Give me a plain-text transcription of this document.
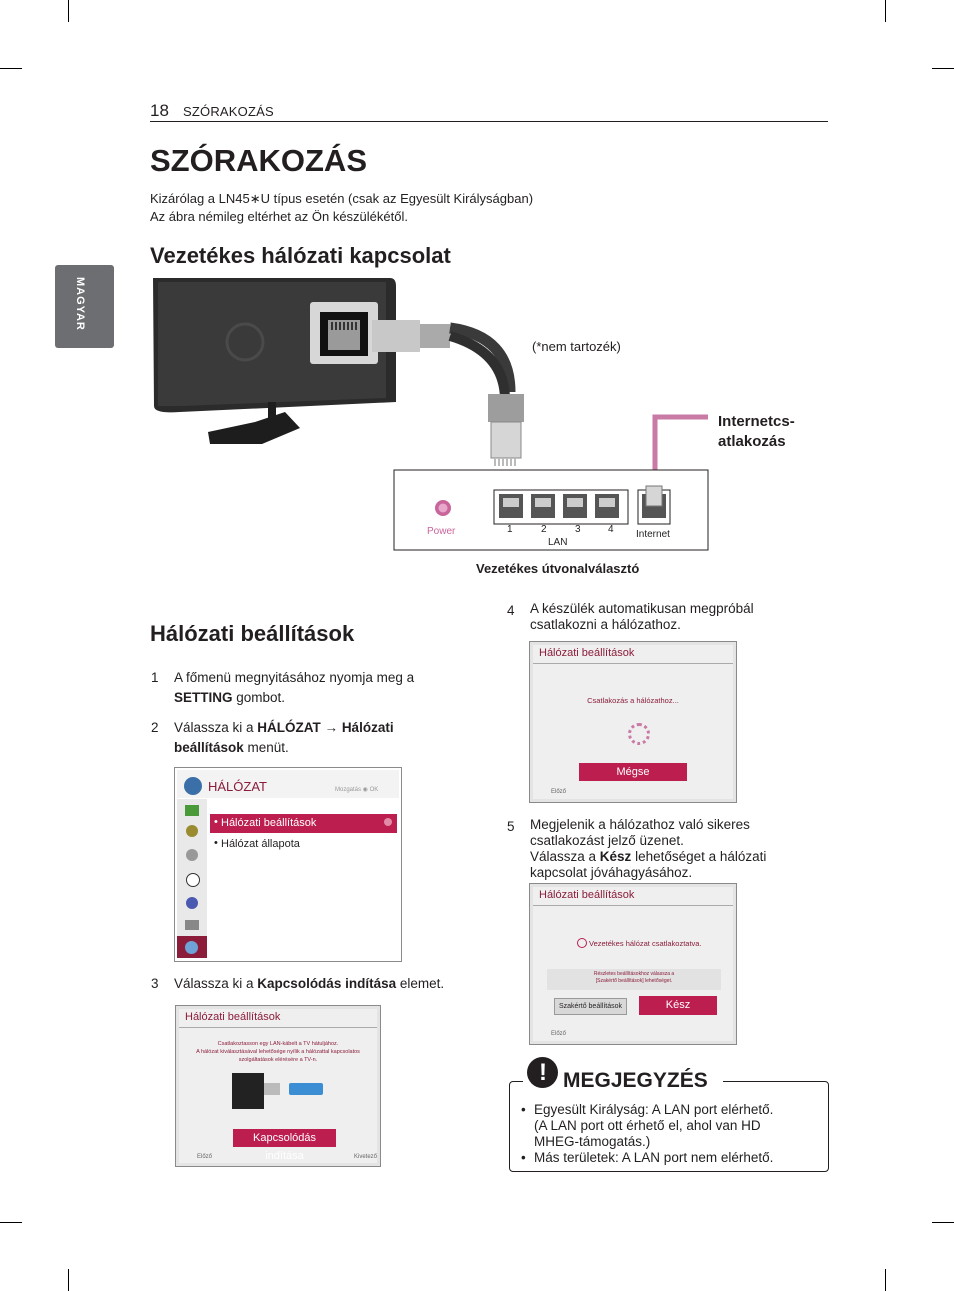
18 SZÓRAKOZÁS
MAGYAR
SZÓRAKOZÁS
Kizárólag a LN45∗U típus esetén (csak az Egyesült Királyságban)
Az ábra némileg eltérhet az Ön készülékétől.
Vezetékes hálózati kapcsolat
(*nem tartozék)
Internetcs-
atlakozás
Power	1	2	3	4
LAN
Internet
Vezetékes útvonalválasztó
Hálózati beállítások
1 A főmenü megnyitásához nyomja meg a
SETTING gombot.
2 Válassza ki a HÁLÓZAT → Hálózati
beállítások menüt.
HÁLÓZAT	Mozgatás ◉ OK
• Hálózati beállítások
• Hálózat állapota
3 Válassza ki a Kapcsolódás indítása elemet.
Hálózati beállítások
Csatlakoztasson egy LAN-kábelt a TV hátuljához.
A hálózat kiválasztásával lehetősége nyílik a hálózattal kapcsolatos
szolgáltatások elérésére a TV-n.
Kapcsolódás indítása
Előző	Kivetező
4 A készülék automatikusan megpróbál
csatlakozni a hálózathoz.
Hálózati beállítások
Csatlakozás a hálózathoz...
Mégse
Előző
5 Megjelenik a hálózathoz való sikeres
csatlakozást jelző üzenet.
Válassza a Kész lehetőséget a hálózati
kapcsolat jóváhagyásához.
Hálózati beállítások
Vezetékes hálózat csatlakoztatva.
Részletes beállításokhoz válassza a
[Szakértő beállítások] lehetőséget.
Szakértő beállítások	Kész
Előző
! MEGJEGYZÉS
• Egyesült Királyság: A LAN port elérhető.
(A LAN port ott érhető el, ahol van HD
MHEG-támogatás.)
• Más területek: A LAN port nem elérhető.
